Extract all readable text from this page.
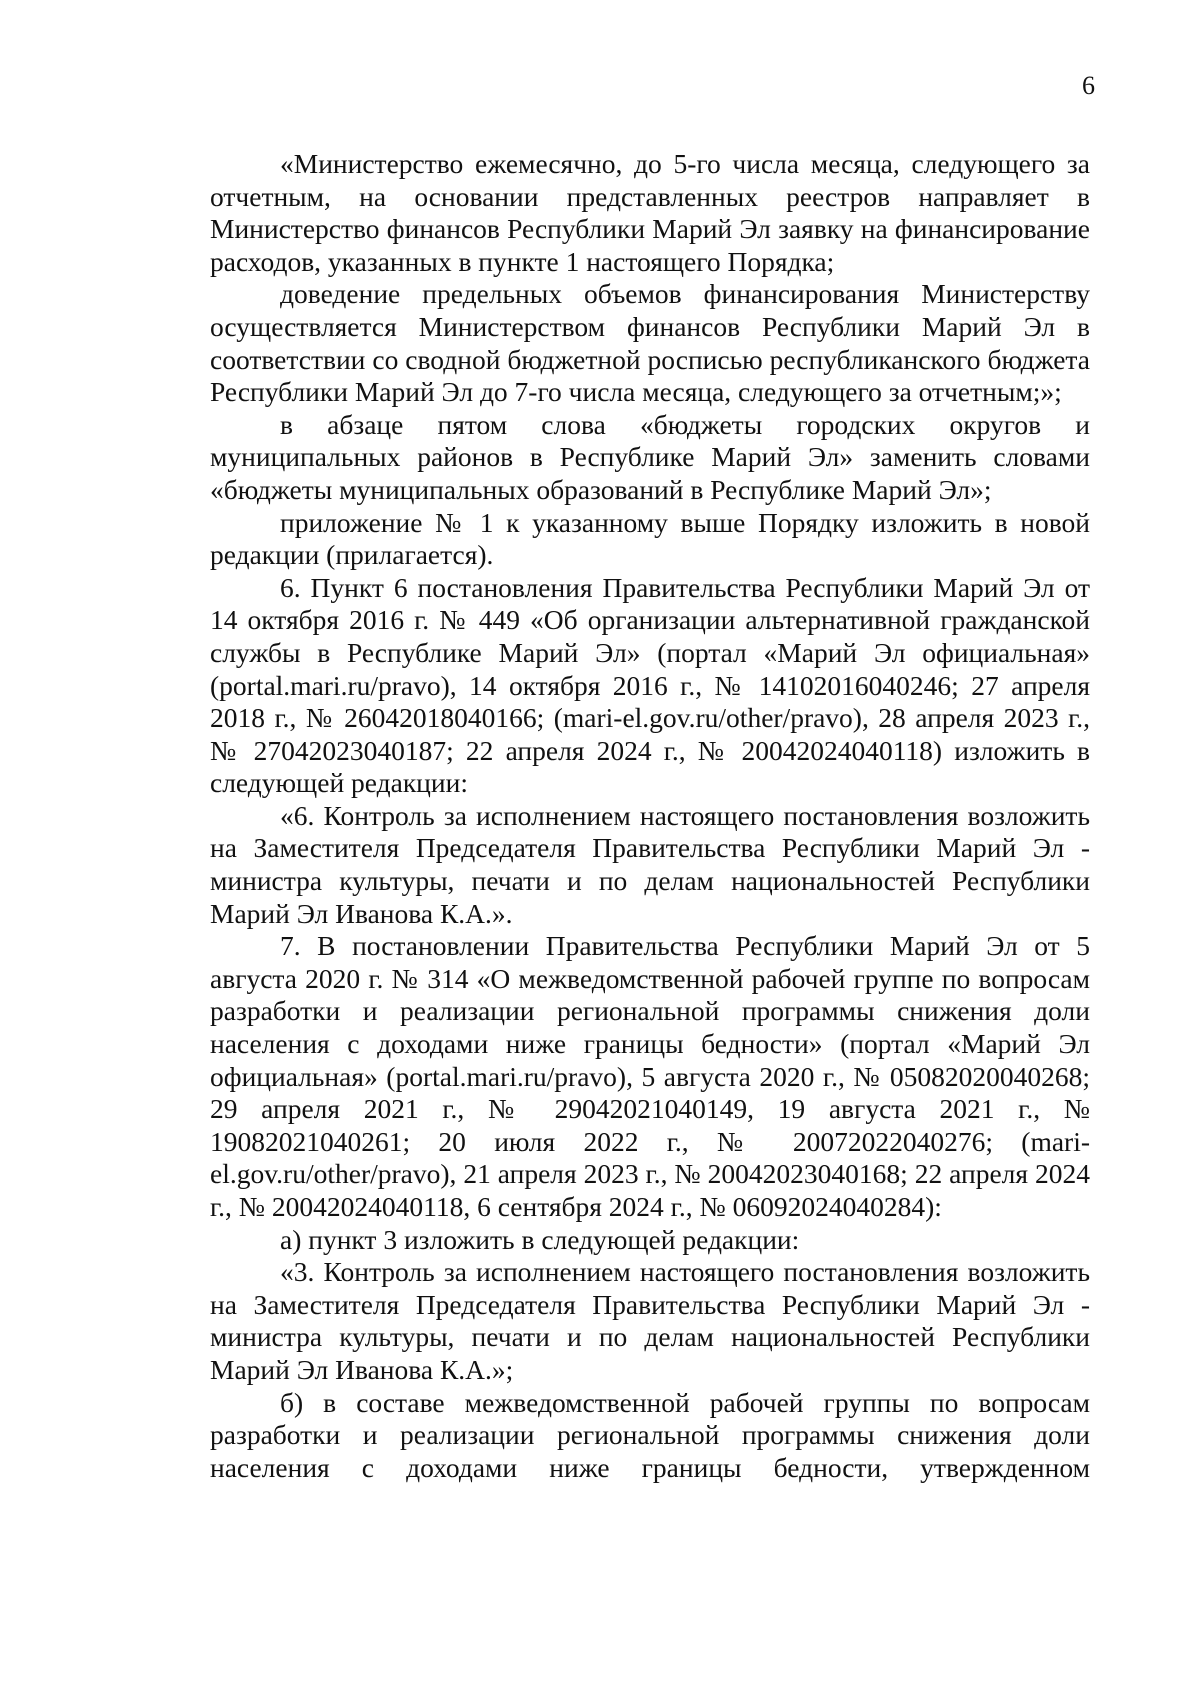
6

«Министерство ежемесячно, до 5-го числа месяца, следующего за отчетным, на основании представленных реестров направляет в Министерство финансов Республики Марий Эл заявку на финансирование расходов, указанных в пункте 1 настоящего Порядка;

доведение предельных объемов финансирования Министерству осуществляется Министерством финансов Республики Марий Эл в соответствии со сводной бюджетной росписью республиканского бюджета Республики Марий Эл до 7-го числа месяца, следующего за отчетным;»;

в абзаце пятом слова «бюджеты городских округов и муниципальных районов в Республике Марий Эл» заменить словами «бюджеты муниципальных образований в Республике Марий Эл»;

приложение № 1 к указанному выше Порядку изложить в новой редакции (прилагается).

6. Пункт 6 постановления Правительства Республики Марий Эл от 14 октября 2016 г. № 449 «Об организации альтернативной гражданской службы в Республике Марий Эл» (портал «Марий Эл официальная» (portal.mari.ru/pravo), 14 октября 2016 г., № 14102016040246; 27 апреля 2018 г., № 26042018040166; (mari-el.gov.ru/other/pravo), 28 апреля 2023 г., № 27042023040187; 22 апреля 2024 г., № 20042024040118) изложить в следующей редакции:

«6. Контроль за исполнением настоящего постановления возложить на Заместителя Председателя Правительства Республики Марий Эл - министра культуры, печати и по делам национальностей Республики Марий Эл Иванова К.А.».

7. В постановлении Правительства Республики Марий Эл от 5 августа 2020 г. № 314 «О межведомственной рабочей группе по вопросам разработки и реализации региональной программы снижения доли населения с доходами ниже границы бедности» (портал «Марий Эл официальная» (portal.mari.ru/pravo), 5 августа 2020 г., № 05082020040268; 29 апреля 2021 г., № 29042021040149, 19 августа 2021 г., № 19082021040261; 20 июля 2022 г., № 20072022040276; (mari-el.gov.ru/other/pravo), 21 апреля 2023 г., № 20042023040168; 22 апреля 2024 г., № 20042024040118, 6 сентября 2024 г., № 06092024040284):

а) пункт 3 изложить в следующей редакции:

«3. Контроль за исполнением настоящего постановления возложить на Заместителя Председателя Правительства Республики Марий Эл - министра культуры, печати и по делам национальностей Республики Марий Эл Иванова К.А.»;

б) в составе межведомственной рабочей группы по вопросам разработки и реализации региональной программы снижения доли населения с доходами ниже границы бедности, утвержденном
